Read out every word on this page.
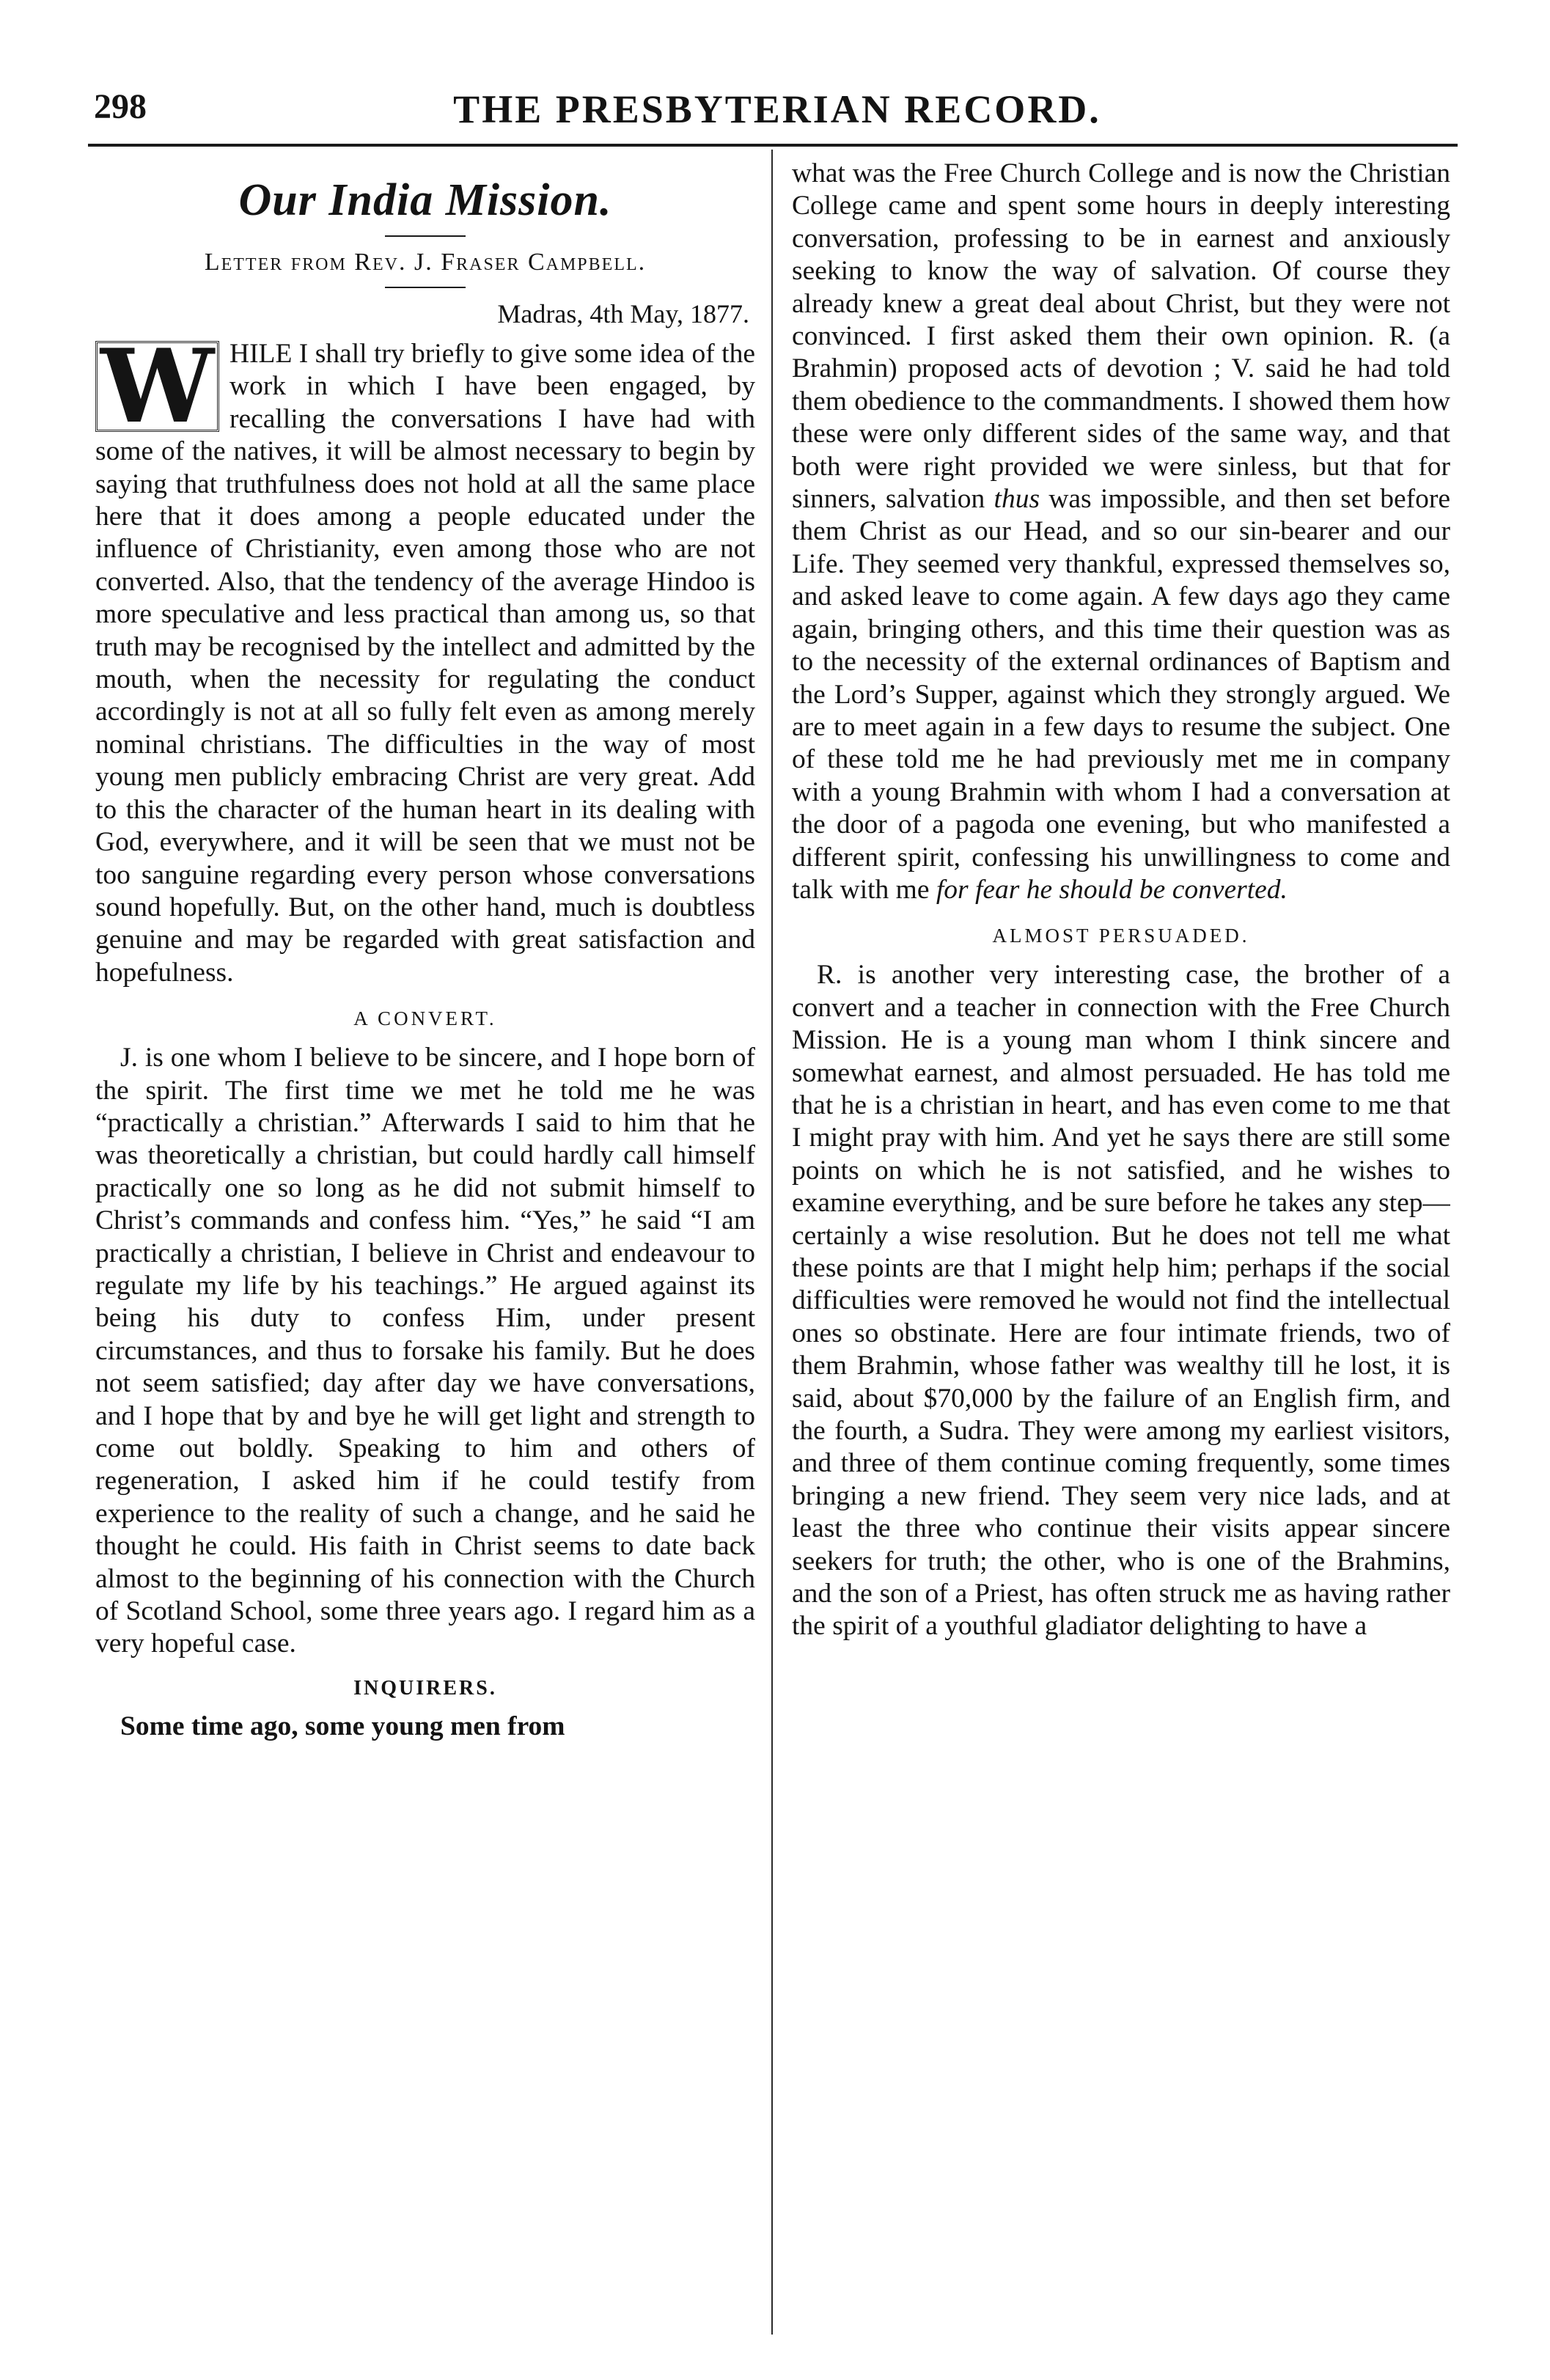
298	THE PRESBYTERIAN RECORD.
Our India Mission.
Letter from Rev. J. Fraser Campbell.
Madras, 4th May, 1877.

W HILE I shall try briefly to give some idea of the work in which I have been engaged, by recalling the conversations I have had with some of the natives, it will be almost necessary to begin by saying that truthfulness does not hold at all the same place here that it does among a people educated under the influence of Christianity, even among those who are not converted. Also, that the tendency of the average Hindoo is more speculative and less practical than among us, so that truth may be recognised by the intellect and admitted by the mouth, when the necessity for regulating the conduct accordingly is not at all so fully felt even as among merely nominal christians. The difficulties in the way of most young men publicly embracing Christ are very great. Add to this the character of the human heart in its dealing with God, everywhere, and it will be seen that we must not be too sanguine regarding every person whose conversations sound hopefully. But, on the other hand, much is doubtless genuine and may be regarded with great satisfaction and hopefulness.

A CONVERT.

J. is one whom I believe to be sincere, and I hope born of the spirit. The first time we met he told me he was “practically a christian.” Afterwards I said to him that he was theoretically a christian, but could hardly call himself practically one so long as he did not submit himself to Christ’s commands and confess him. “Yes,” he said “I am practically a christian, I believe in Christ and endeavour to regulate my life by his teachings.” He argued against its being his duty to confess Him, under present circumstances, and thus to forsake his family. But he does not seem satisfied; day after day we have conversations, and I hope that by and bye he will get light and strength to come out boldly. Speaking to him and others of regeneration, I asked him if he could testify from experience to the reality of such a change, and he said he thought he could. His faith in Christ seems to date back almost to the beginning of his connection with the Church of Scotland School, some three years ago. I regard him as a very hopeful case.

INQUIRERS.

Some time ago, some young men from

what was the Free Church College and is now the Christian College came and spent some hours in deeply interesting conversation, professing to be in earnest and anxiously seeking to know the way of salvation. Of course they already knew a great deal about Christ, but they were not convinced. I first asked them their own opinion. R. (a Brahmin) proposed acts of devotion ; V. said he had told them obedience to the commandments. I showed them how these were only different sides of the same way, and that both were right provided we were sinless, but that for sinners, salvation thus was impossible, and then set before them Christ as our Head, and so our sin-bearer and our Life. They seemed very thankful, expressed themselves so, and asked leave to come again. A few days ago they came again, bringing others, and this time their question was as to the necessity of the external ordinances of Baptism and the Lord’s Supper, against which they strongly argued. We are to meet again in a few days to resume the subject. One of these told me he had previously met me in company with a young Brahmin with whom I had a conversation at the door of a pagoda one evening, but who manifested a different spirit, confessing his unwillingness to come and talk with me for fear he should be converted.

ALMOST PERSUADED.

R. is another very interesting case, the brother of a convert and a teacher in connection with the Free Church Mission. He is a young man whom I think sincere and somewhat earnest, and almost persuaded. He has told me that he is a christian in heart, and has even come to me that I might pray with him. And yet he says there are still some points on which he is not satisfied, and he wishes to examine everything, and be sure before he takes any step—certainly a wise resolution. But he does not tell me what these points are that I might help him; perhaps if the social difficulties were removed he would not find the intellectual ones so obstinate. Here are four intimate friends, two of them Brahmin, whose father was wealthy till he lost, it is said, about $70,000 by the failure of an English firm, and the fourth, a Sudra. They were among my earliest visitors, and three of them continue coming frequently, some times bringing a new friend. They seem very nice lads, and at least the three who continue their visits appear sincere seekers for truth; the other, who is one of the Brahmins, and the son of a Priest, has often struck me as having rather the spirit of a youthful gladiator delighting to have a
